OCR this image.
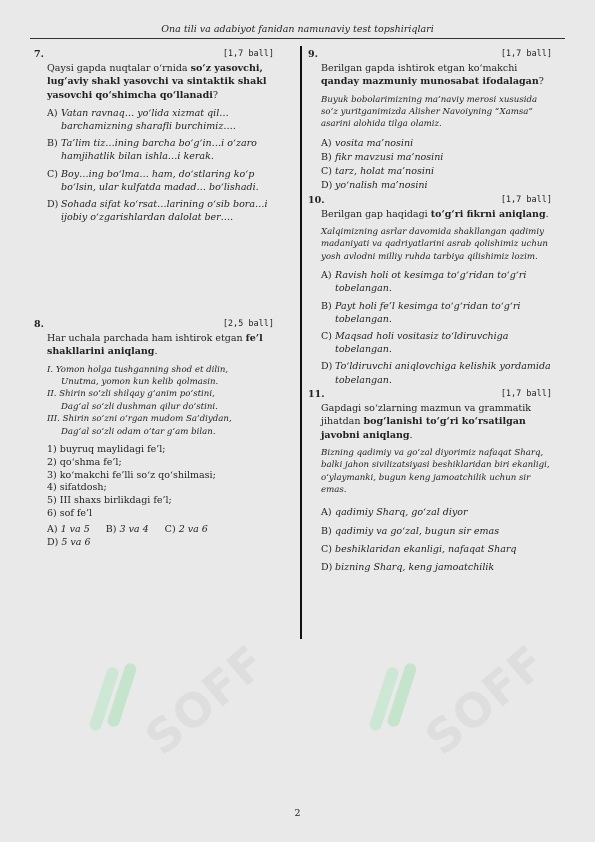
Ona tili va adabiyot fanidan namunaviy test topshiriqlari
SOFF	SOFF
7.	[1,7 ball]
Qaysi gapda nuqtalar o‘rnida so‘z yasovchi, lug‘aviy shakl yasovchi va sintaktik shakl yasovchi qo‘shimcha qo‘llanadi?
A) Vatan ravnaq… yo‘lida xizmat qil… barchamizning sharafli burchimiz….
B) Ta’lim tiz…ining barcha bo‘g‘in…i o‘zaro hamjihatlik bilan ishla…i kerak.
C) Boy…ing bo‘lma… ham, do‘stlaring ko‘p bo‘lsin, ular kulfatda madad… bo‘lishadi.
D) Sohada sifat ko‘rsat…larining o‘sib bora…i ijobiy o‘zgarishlardan dalolat ber….
8.	[2,5 ball]
Har uchala parchada ham ishtirok etgan fe’l shakllarini aniqlang.
I. Yomon holga tushganning shod et dilin,
Unutma, yomon kun kelib qolmasin.
II. Shirin so‘zli shilqay g‘anim po‘stini,
Dag‘al so‘zli dushman qilur do‘stini.
III. Shirin so‘zni o‘rgan mudom Sa’diydan,
Dag‘al so‘zli odam o‘tar g‘am bilan.
1) buyruq maylidagi fe’l;
2) qo‘shma fe’l;
3) ko‘makchi fe’lli so‘z qo‘shilmasi;
4) sifatdosh;
5) III shaxs birlikdagi fe’l;
6) sof fe’l
A) 1 va 5 B) 3 va 4 C) 2 va 6
D) 5 va 6
9.	[1,7 ball]
Berilgan gapda ishtirok etgan ko‘makchi qanday mazmuniy munosabat ifodalagan?
Buyuk bobolarimizning ma’naviy merosi xususida so‘z yuritganimizda Alisher Navoiyning “Xamsa” asarini alohida tilga olamiz.
A) vosita ma’nosini
B) fikr mavzusi ma’nosini
C) tarz, holat ma’nosini
D) yo‘nalish ma’nosini
10.	[1,7 ball]
Berilgan gap haqidagi to‘g‘ri fikrni aniqlang.
Xalqimizning asrlar davomida shakllangan qadimiy madaniyati va qadriyatlarini asrab qolishimiz uchun yosh avlodni milliy ruhda tarbiya qilishimiz lozim.
A) Ravish holi ot kesimga to‘g‘ridan to‘g‘ri tobelangan.
B) Payt holi fe’l kesimga to‘g‘ridan to‘g‘ri tobelangan.
C) Maqsad holi vositasiz to‘ldiruvchiga tobelangan.
D) To‘ldiruvchi aniqlovchiga kelishik yordamida tobelangan.
11.	[1,7 ball]
Gapdagi so‘zlarning mazmun va grammatik jihatdan bog‘lanishi to‘g‘ri ko‘rsatilgan javobni aniqlang.
Bizning qadimiy va go‘zal diyorimiz nafaqat Sharq, balki jahon sivilizatsiyasi beshiklaridan biri ekanligi, o‘ylaymanki, bugun keng jamoatchilik uchun sir emas.
A) qadimiy Sharq, go‘zal diyor
B) qadimiy va go‘zal, bugun sir emas
C) beshiklaridan ekanligi, nafaqat Sharq
D) bizning Sharq, keng jamoatchilik
2
